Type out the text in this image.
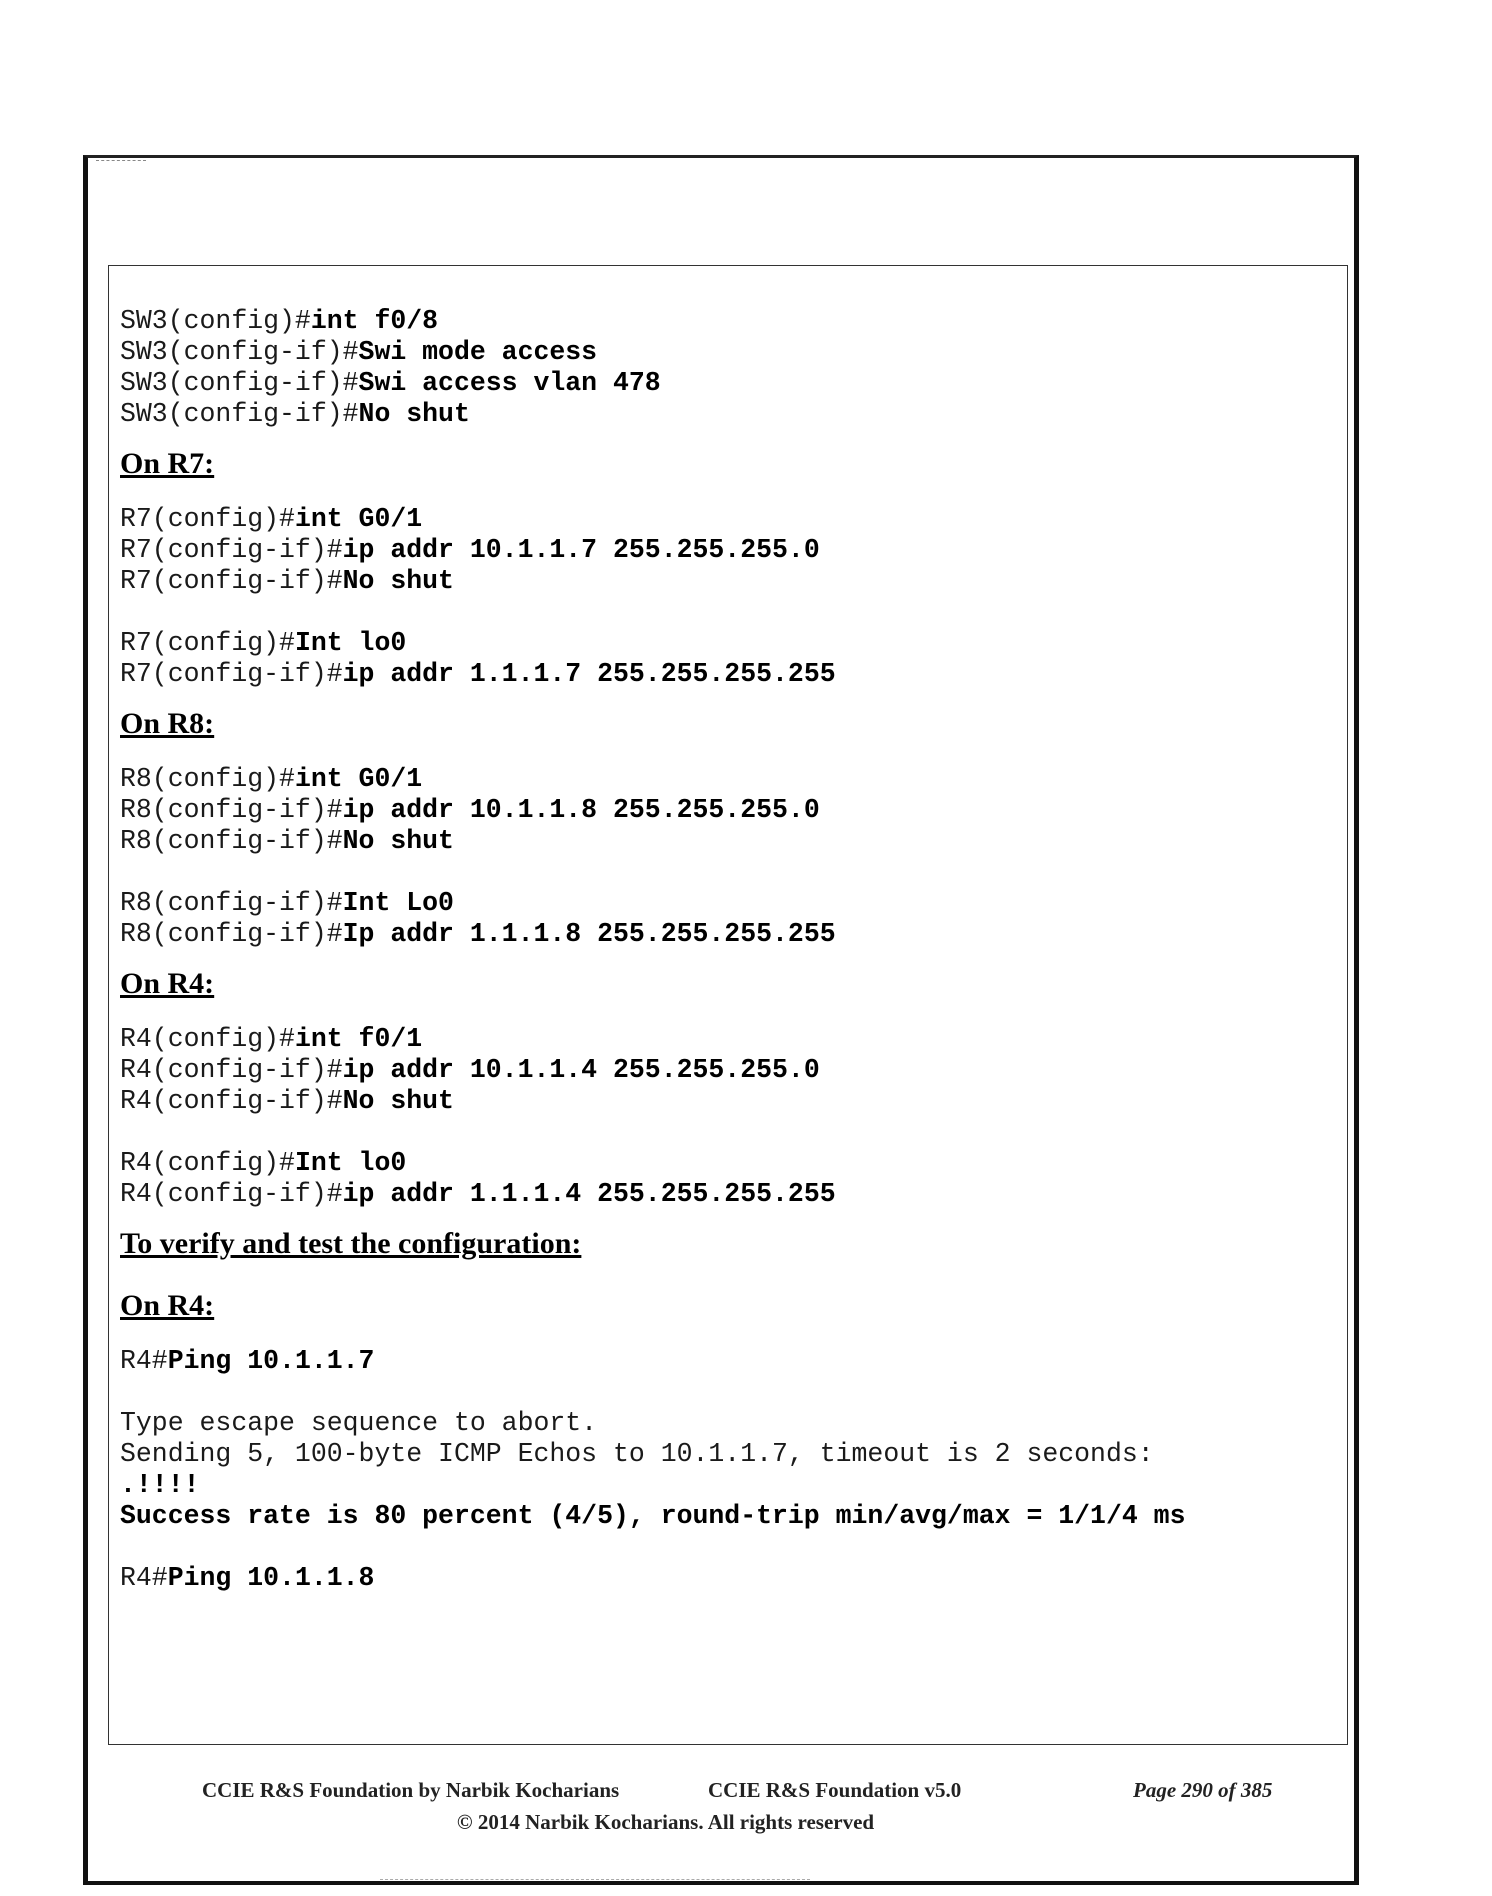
SW3(config)#int f0/8
SW3(config-if)#Swi mode access
SW3(config-if)#Swi access vlan 478
SW3(config-if)#No shut
On R7:
R7(config)#int G0/1
R7(config-if)#ip addr 10.1.1.7 255.255.255.0
R7(config-if)#No shut
R7(config)#Int lo0
R7(config-if)#ip addr 1.1.1.7 255.255.255.255
On R8:
R8(config)#int G0/1
R8(config-if)#ip addr 10.1.1.8 255.255.255.0
R8(config-if)#No shut
R8(config-if)#Int Lo0
R8(config-if)#Ip addr 1.1.1.8 255.255.255.255
On R4:
R4(config)#int f0/1
R4(config-if)#ip addr 10.1.1.4 255.255.255.0
R4(config-if)#No shut
R4(config)#Int lo0
R4(config-if)#ip addr 1.1.1.4 255.255.255.255
To verify and test the configuration:
On R4:
R4#Ping 10.1.1.7
Type escape sequence to abort.
Sending 5, 100-byte ICMP Echos to 10.1.1.7, timeout is 2 seconds:
.!!!!
Success rate is 80 percent (4/5), round-trip min/avg/max = 1/1/4 ms
R4#Ping 10.1.1.8
CCIE R&S Foundation by Narbik Kocharians	CCIE R&S Foundation v5.0	Page 290 of 385
© 2014 Narbik Kocharians. All rights reserved
